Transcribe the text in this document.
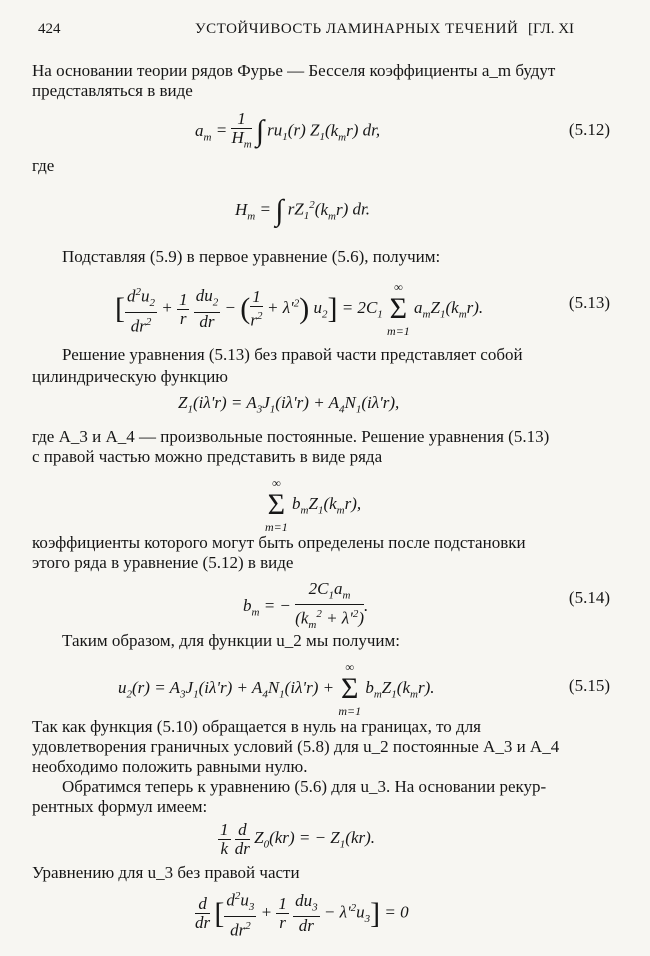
424	УСТОЙЧИВОСТЬ ЛАМИНАРНЫХ ТЕЧЕНИЙ [ГЛ. XI
На основании теории рядов Фурье — Бесселя коэффициенты a_m будут
представляться в виде
$a_m = \frac{1}{H_m}$ ∫ $ru_1(r)$ $Z_1(k_mr)$ dr,	(5.12)
где
$H_m$ = ∫ $rZ_1^2(k_mr)$ dr.
Подставляя (5.9) в первое уравнение (5.6), получим:
[ $\frac{d^2u_2}{dr^2} + \frac{1}{r}$
$\frac{du_2}{dr}$ − ( $\frac{1}{r^2} + \lambda'^2$) $u_2] = 2C_1$
∞
Σ
m=1
$a_mZ_1(k_mr)$.	(5.13)
Решение уравнения (5.13) без правой части представляет собой
цилиндрическую функцию
$Z_1(i\lambda'r) = A_3J_1(i\lambda'r) + A_4N_1(i\lambda'r)$,
где A_3 и A_4 — произвольные постоянные. Решение уравнения (5.13)
с правой частью можно представить в виде ряда
∞
Σ
m=1
$b_mZ_1(k_mr)$,
коэффициенты которого могут быть определены после подстановки
этого ряда в уравнение (5.12) в виде
$b_m$ = − $\frac{2C_1a_m}{(k_m^2 + \lambda'^2)}$ .	(5.14)
Таким образом, для функции u_2 мы получим:
$u_2(r) = A_3J_1(i\lambda'r) + A_4N_1(i\lambda'r)$ +
∞
Σ
m=1
$b_mZ_1(k_mr)$.	(5.15)
Так как функция (5.10) обращается в нуль на границах, то для
удовлетворения граничных условий (5.8) для u_2 постоянные A_3 и A_4
необходимо положить равными нулю.
Обратимся теперь к уравнению (5.6) для u_3. На основании рекур-
рентных формул имеем:
$\frac{1}{k}$
$\frac{d}{dr} Z_0(kr)$ = − $Z_1(kr)$.
Уравнению для u_3 без правой части
$\frac{d}{dr}$ [ $\frac{d^2u_3}{dr^2} + \frac{1}{r}$
$\frac{du_3}{dr} - \lambda'^2u_3] = 0$
